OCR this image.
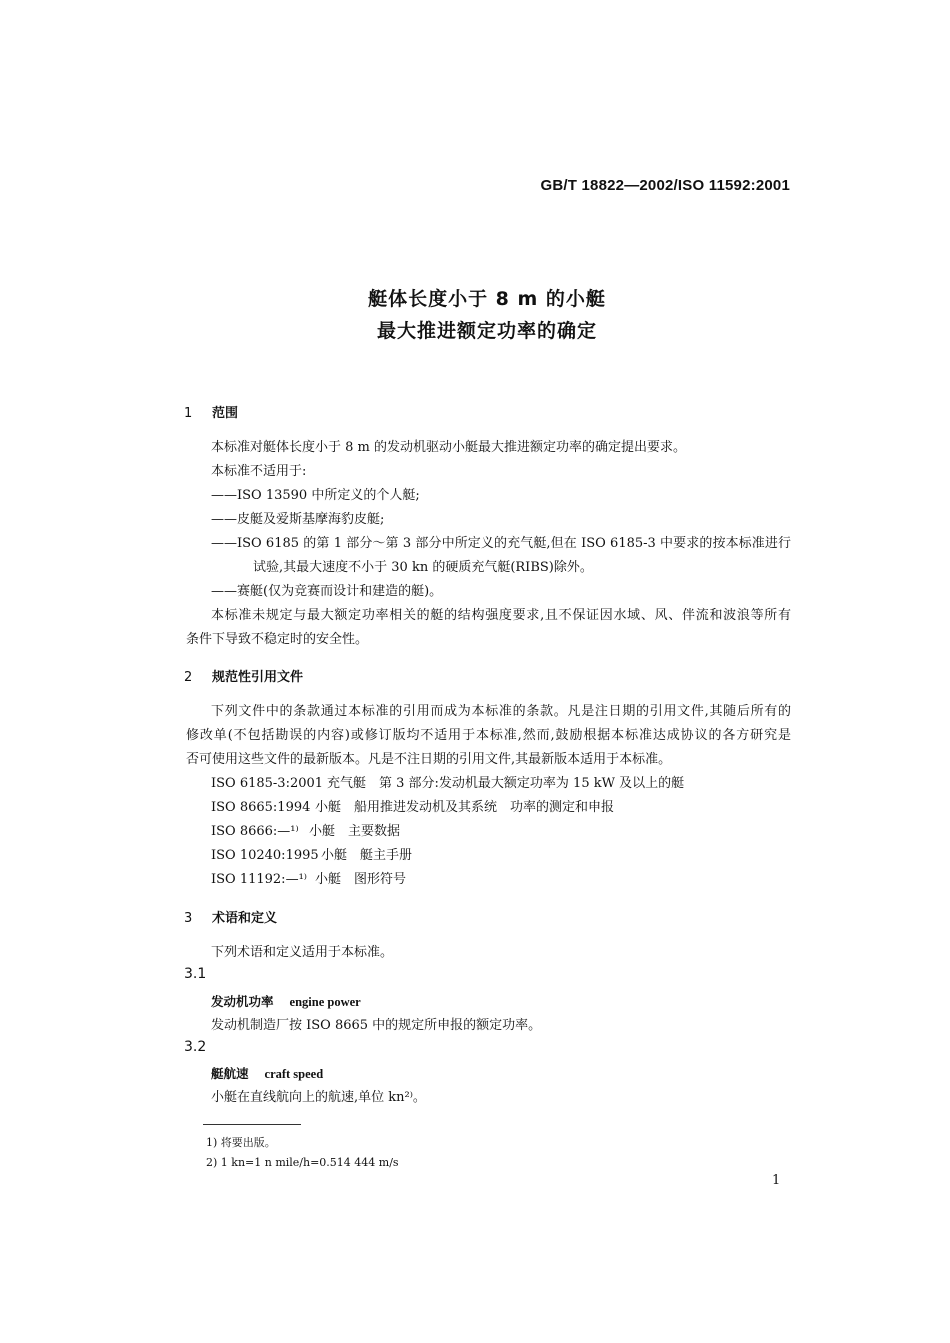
GB/T 18822—2002/ISO 11592:2001
艇体长度小于 8 m 的小艇
最大推进额定功率的确定
1 范围
本标准对艇体长度小于 8 m 的发动机驱动小艇最大推进额定功率的确定提出要求。
本标准不适用于:
——ISO 13590 中所定义的个人艇;
——皮艇及爱斯基摩海豹皮艇;
——ISO 6185 的第 1 部分～第 3 部分中所定义的充气艇,但在 ISO 6185-3 中要求的按本标准进行
试验,其最大速度不小于 30 kn 的硬质充气艇(RIBS)除外。
——赛艇(仅为竞赛而设计和建造的艇)。
本标准未规定与最大额定功率相关的艇的结构强度要求,且不保证因水域、风、伴流和波浪等所有
条件下导致不稳定时的安全性。
2 规范性引用文件
下列文件中的条款通过本标准的引用而成为本标准的条款。凡是注日期的引用文件,其随后所有的
修改单(不包括勘误的内容)或修订版均不适用于本标准,然而,鼓励根据本标准达成协议的各方研究是
否可使用这些文件的最新版本。凡是不注日期的引用文件,其最新版本适用于本标准。
ISO 6185-3:2001 充气艇　第 3 部分:发动机最大额定功率为 15 kW 及以上的艇
ISO 8665:1994 小艇　船用推进发动机及其系统　功率的测定和申报
ISO 8666:—¹⁾ 小艇　主要数据
ISO 10240:1995 小艇　艇主手册
ISO 11192:—¹⁾ 小艇　图形符号
3 术语和定义
下列术语和定义适用于本标准。
3.1
发动机功率 engine power
发动机制造厂按 ISO 8665 中的规定所申报的额定功率。
3.2
艇航速 craft speed
小艇在直线航向上的航速,单位 kn²⁾。
1) 将要出版。
2) 1 kn=1 n mile/h=0.514 444 m/s
1
